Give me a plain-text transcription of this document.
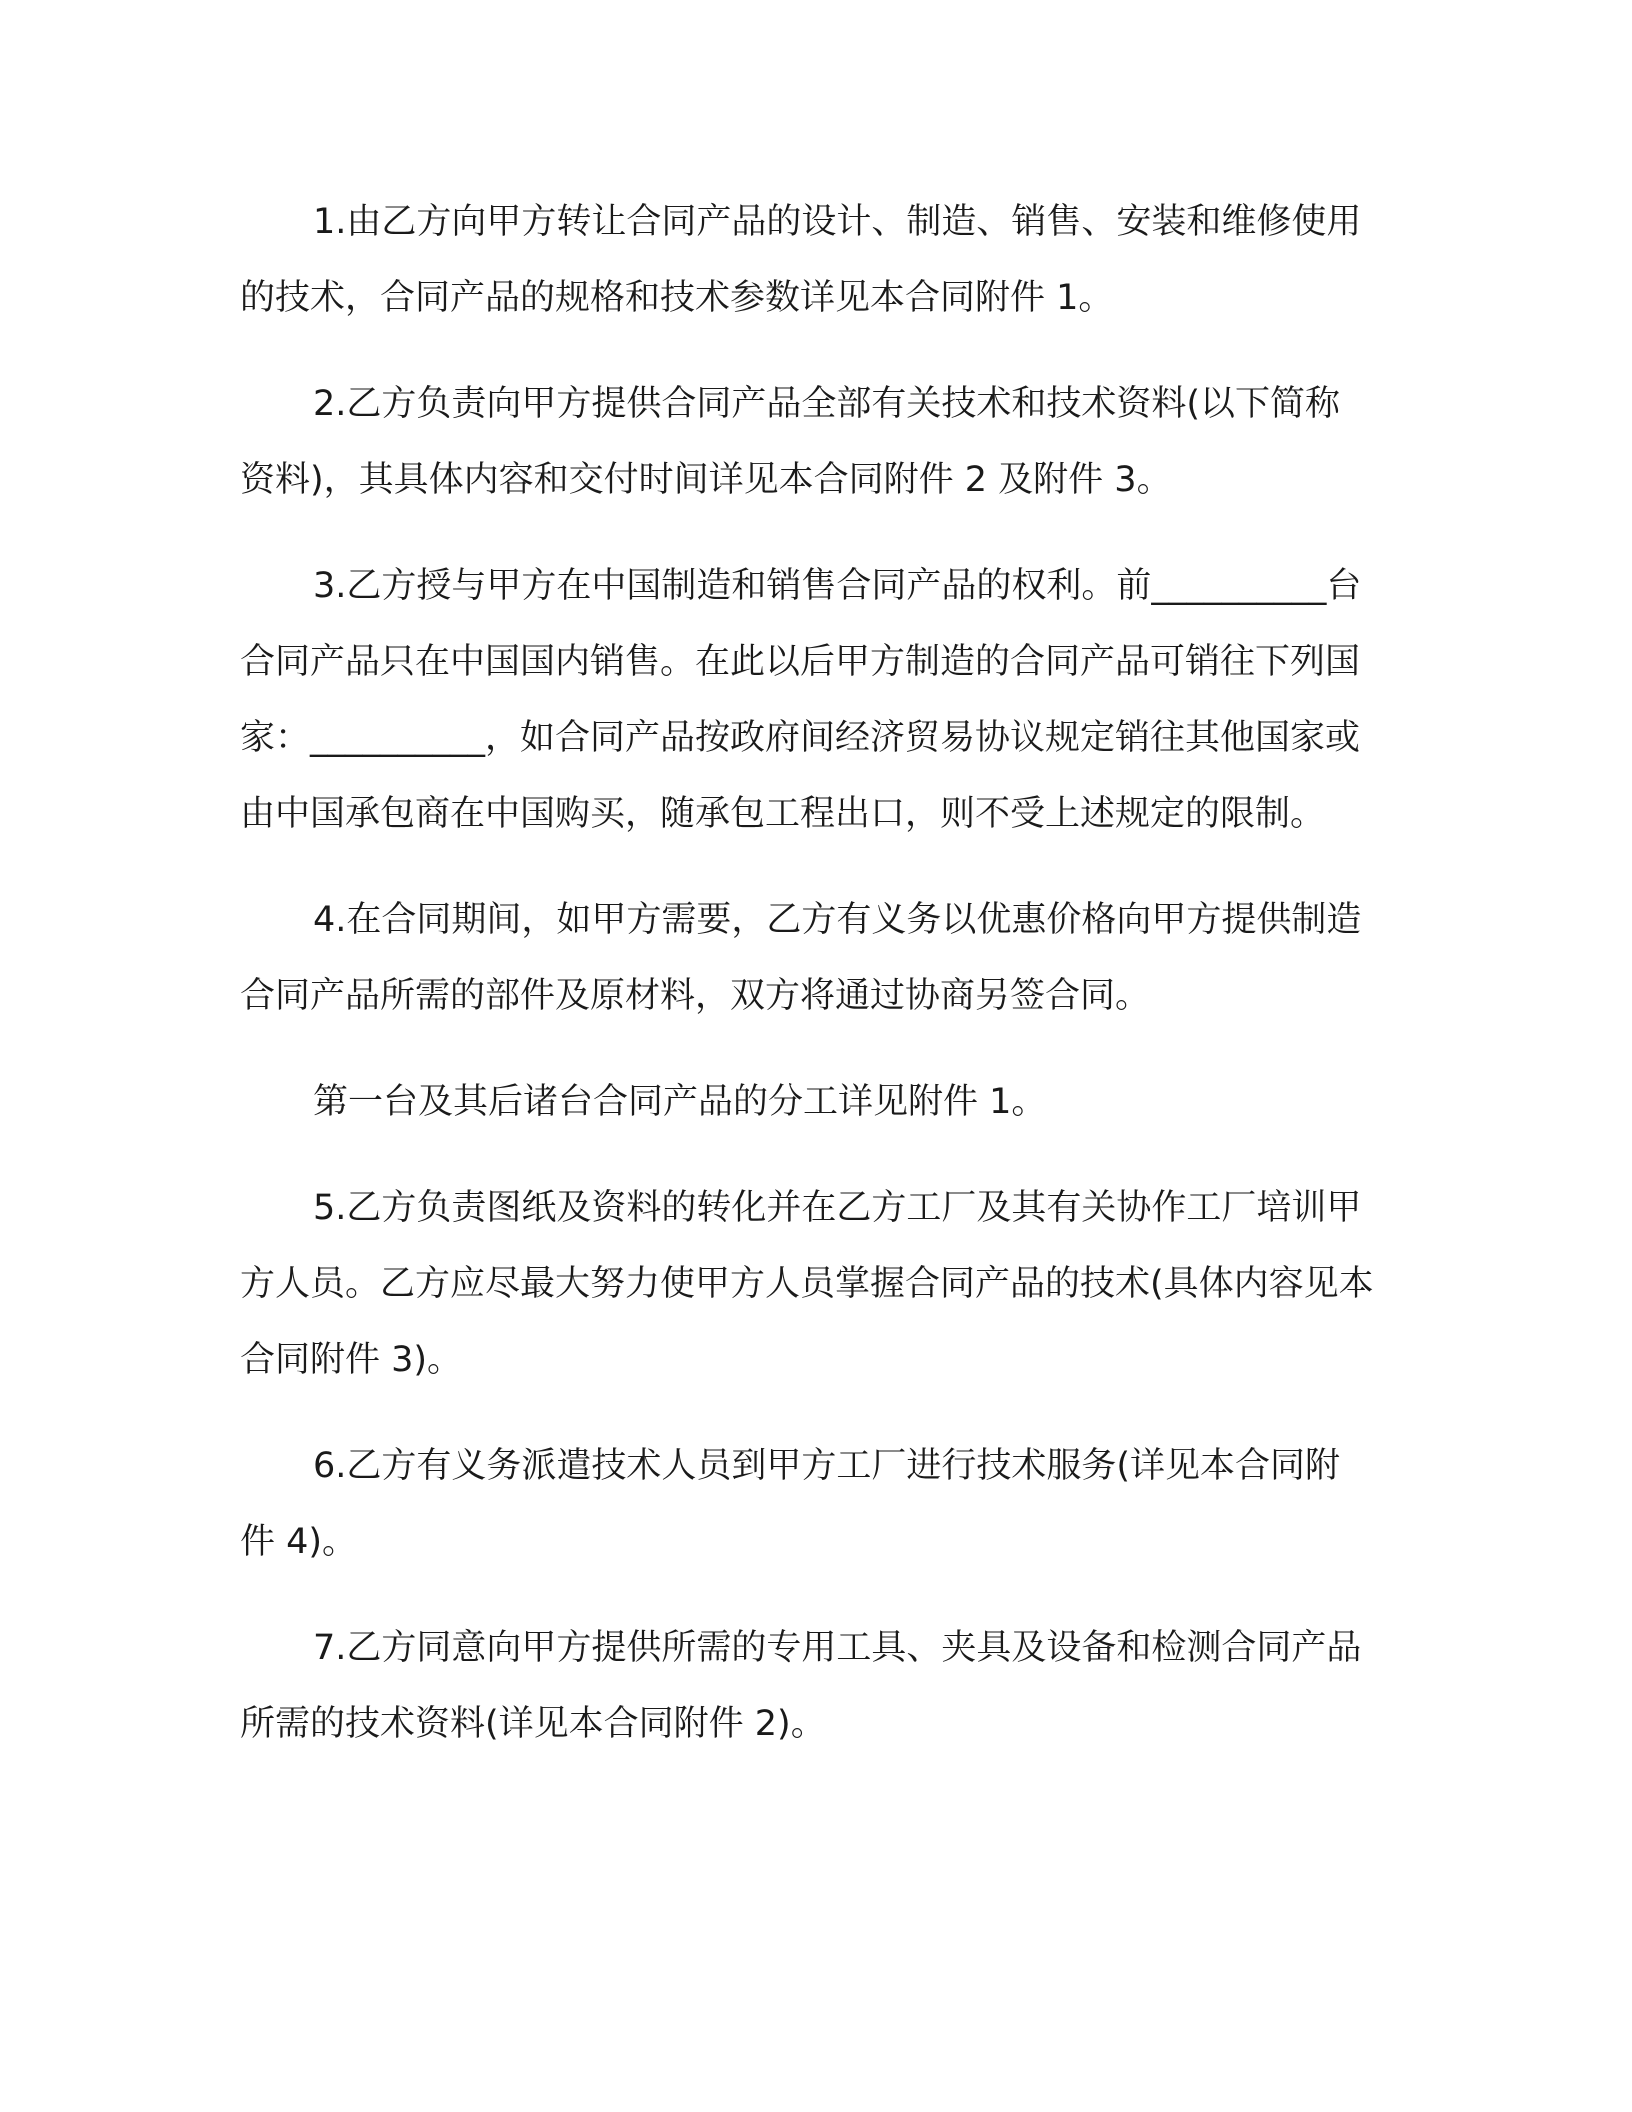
1.由乙方向甲方转让合同产品的设计、制造、销售、安装和维修使用的技术，合同产品的规格和技术参数详见本合同附件 1。

2.乙方负责向甲方提供合同产品全部有关技术和技术资料(以下简称资料)，其具体内容和交付时间详见本合同附件 2 及附件 3。

3.乙方授与甲方在中国制造和销售合同产品的权利。前__________台合同产品只在中国国内销售。在此以后甲方制造的合同产品可销往下列国家：__________，如合同产品按政府间经济贸易协议规定销往其他国家或由中国承包商在中国购买，随承包工程出口，则不受上述规定的限制。

4.在合同期间，如甲方需要，乙方有义务以优惠价格向甲方提供制造合同产品所需的部件及原材料，双方将通过协商另签合同。

第一台及其后诸台合同产品的分工详见附件 1。

5.乙方负责图纸及资料的转化并在乙方工厂及其有关协作工厂培训甲方人员。乙方应尽最大努力使甲方人员掌握合同产品的技术(具体内容见本合同附件 3)。

6.乙方有义务派遣技术人员到甲方工厂进行技术服务(详见本合同附件 4)。

7.乙方同意向甲方提供所需的专用工具、夹具及设备和检测合同产品所需的技术资料(详见本合同附件 2)。
